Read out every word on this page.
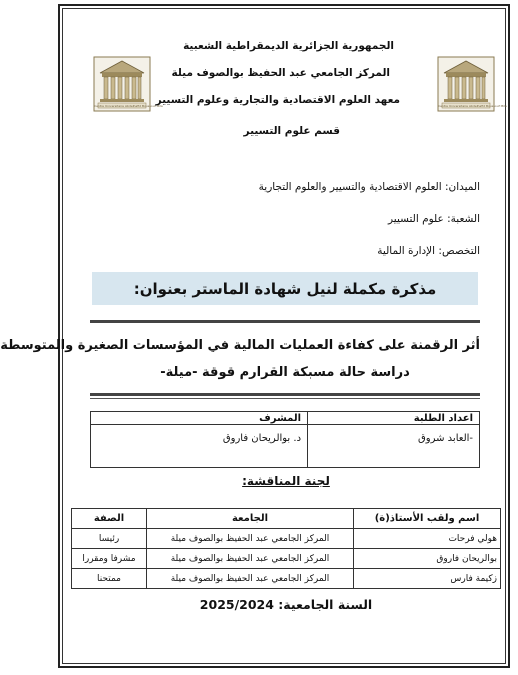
Centre Universitaire Abdelhafid Boussouf Mila	Centre Universitaire Abdelhafid Boussouf Mila
الجمهورية الجزائرية الديمقراطية الشعبية
المركز الجامعي عبد الحفيظ بوالصوف ميلة
معهد العلوم الاقتصادية والتجارية وعلوم التسيير
قسم علوم التسيير
الميدان: العلوم الاقتصادية والتسيير والعلوم التجارية
الشعبة: علوم التسيير
التخصص: الإدارة المالية
مذكرة مكملة لنيل شهادة الماستر بعنوان:
أثر الرقمنة على كفاءة العمليات المالية في المؤسسات الصغيرة والمتوسطة
دراسة حالة مسبكة القرارم قوقة -ميلة-
اعداد الطلبة	المشرف
-العابد شروق	د. بوالريحان فاروق
لجنة المناقشة:
اسم ولقب الأستاذ(ة)	الجامعة	الصفة
هولي فرحات	المركز الجامعي عبد الحفيظ بوالصوف ميلة	رئيسا
بوالريحان فاروق	المركز الجامعي عبد الحفيظ بوالصوف ميلة	مشرفا ومقررا
زكيمة فارس	المركز الجامعي عبد الحفيظ بوالصوف ميلة	ممتحنا
السنة الجامعية: 2025/2024
